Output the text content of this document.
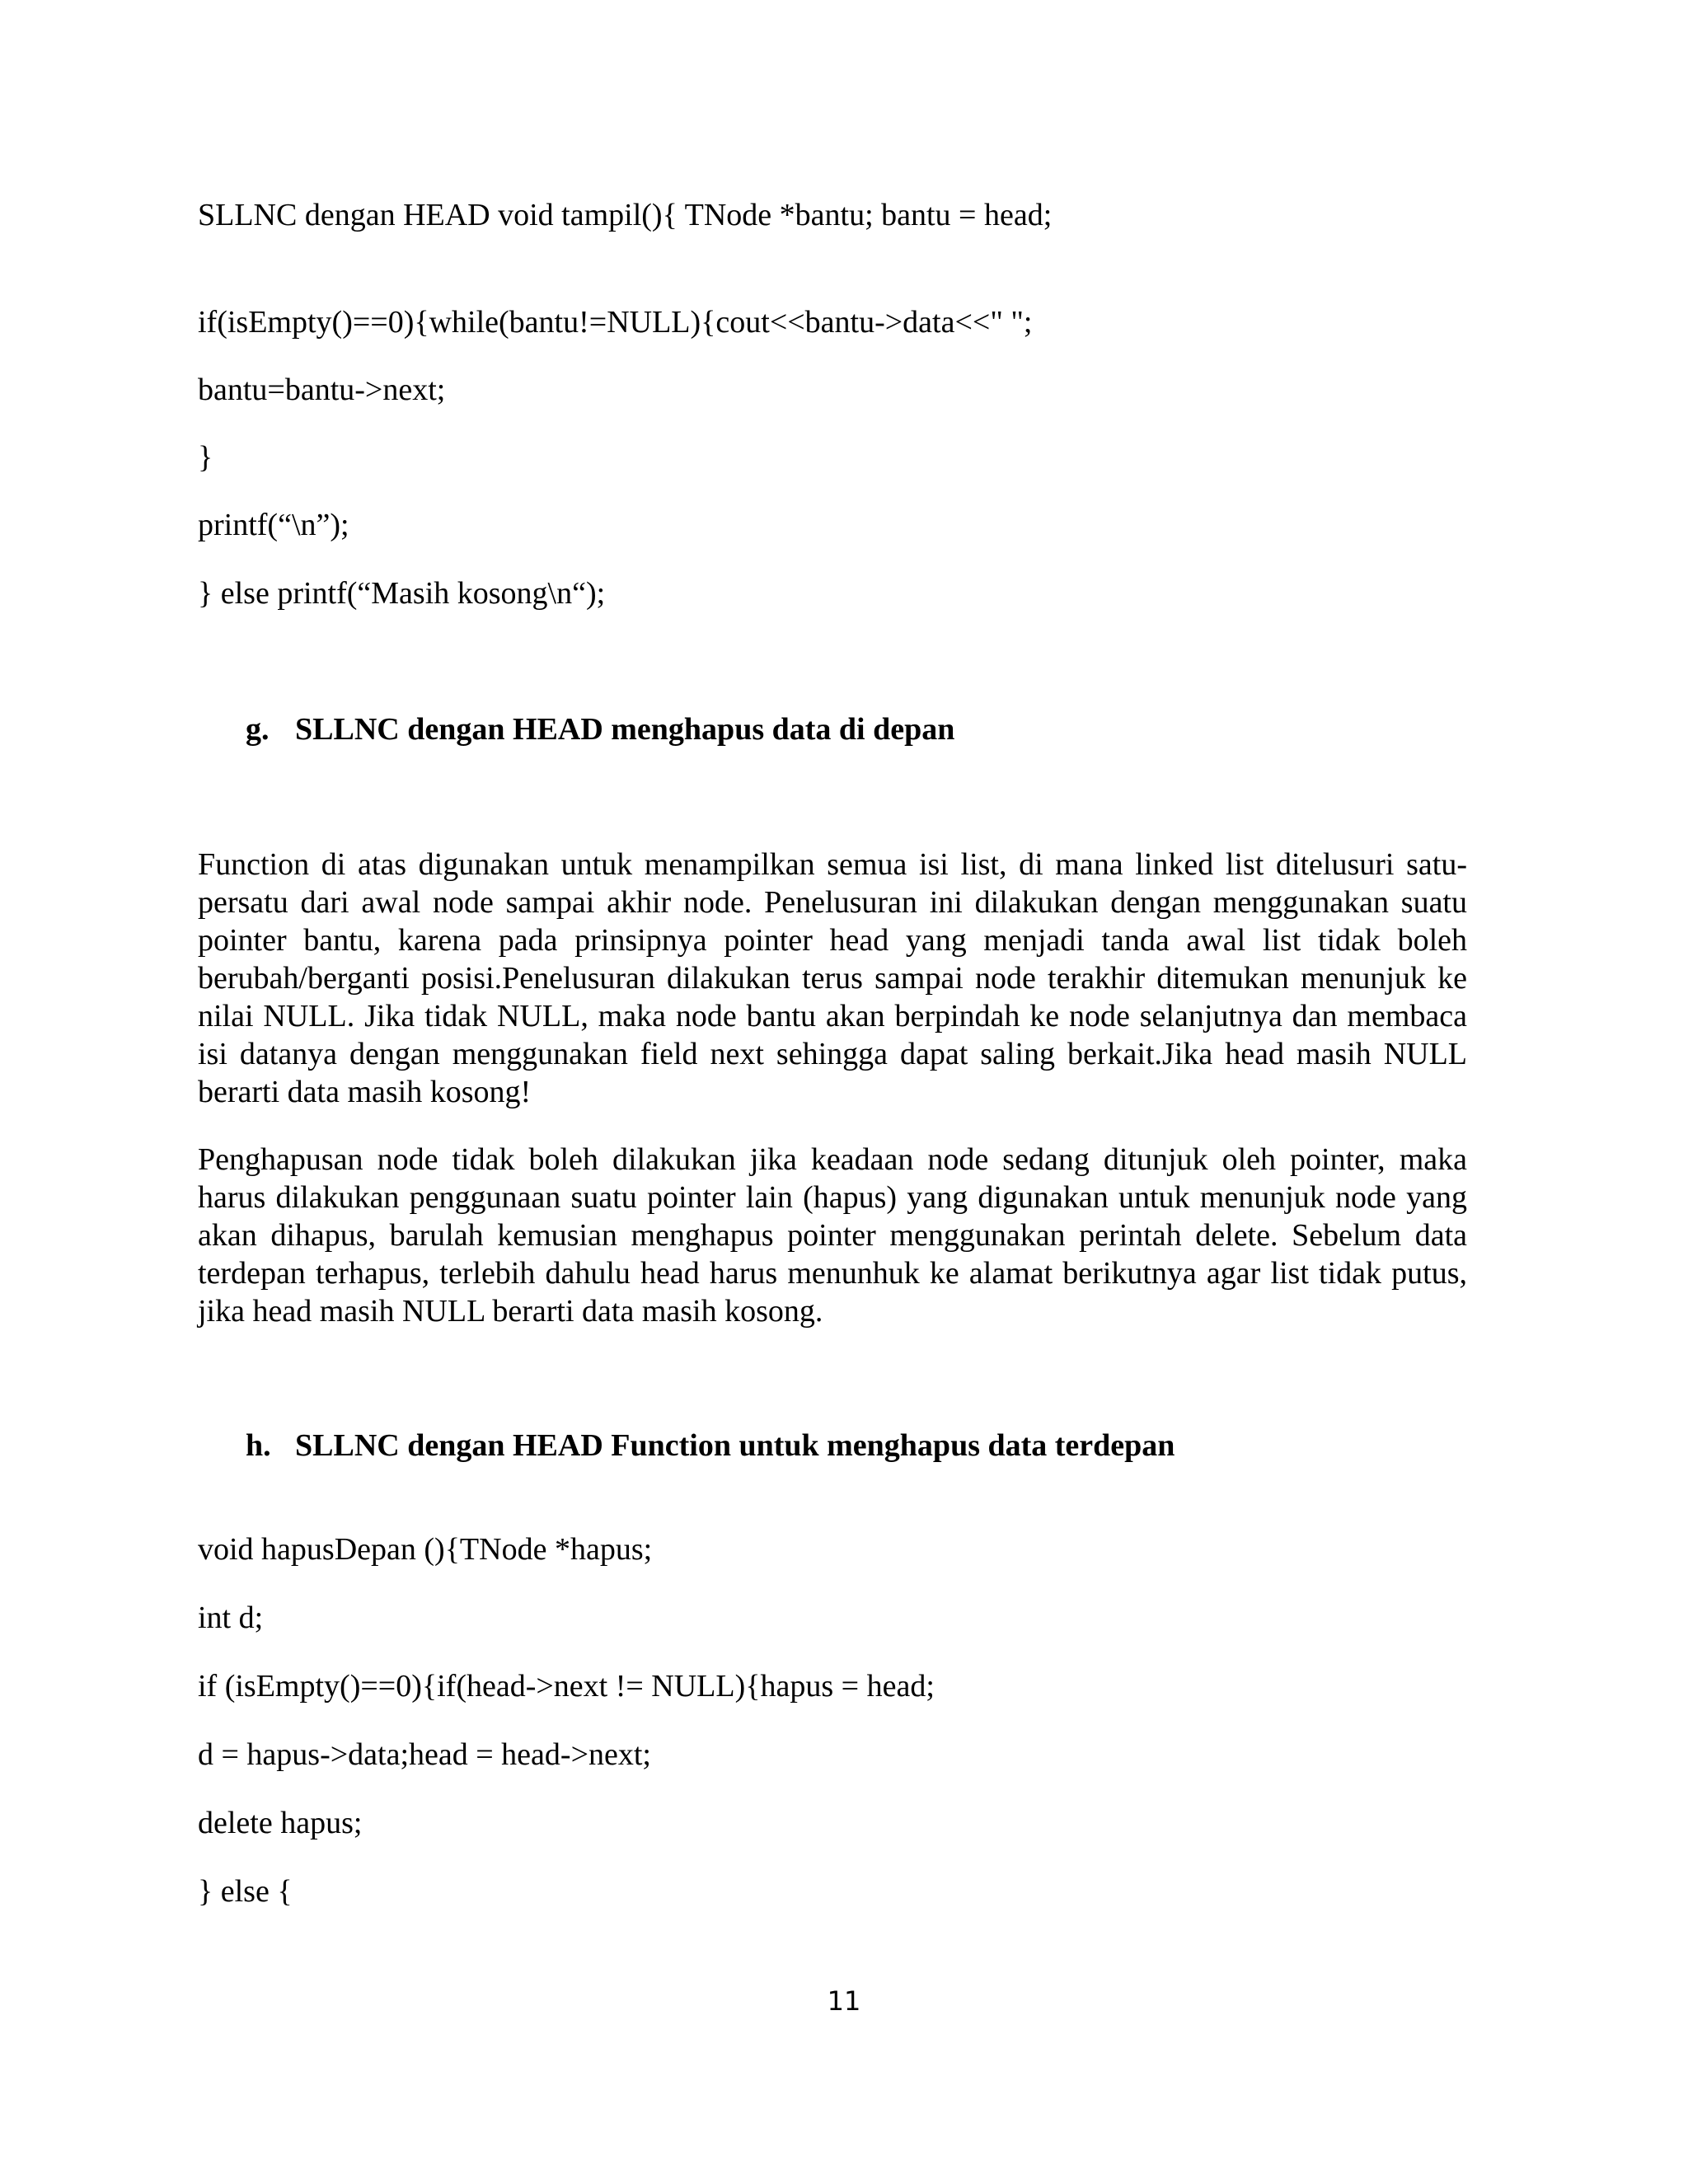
SLLNC dengan HEAD void tampil(){ TNode *bantu; bantu = head;
if(isEmpty()==0){while(bantu!=NULL){cout<<bantu->data<<" ";
bantu=bantu->next;
}
printf(“\n”);
} else printf(“Masih kosong\n“);
g. SLLNC dengan HEAD menghapus data di depan
Function di atas digunakan untuk menampilkan semua isi list, di mana linked list ditelusuri satu-persatu dari awal node sampai akhir node. Penelusuran ini dilakukan dengan menggunakan suatu pointer bantu, karena pada prinsipnya pointer head yang menjadi tanda awal list tidak boleh berubah/berganti posisi.Penelusuran dilakukan terus sampai node terakhir ditemukan menunjuk ke nilai NULL. Jika tidak NULL, maka node bantu akan berpindah ke node selanjutnya dan membaca isi datanya dengan menggunakan field next sehingga dapat saling berkait.Jika head masih NULL berarti data masih kosong!
Penghapusan node tidak boleh dilakukan jika keadaan node sedang ditunjuk oleh pointer, maka harus dilakukan penggunaan suatu pointer lain (hapus) yang digunakan untuk menunjuk node yang akan dihapus, barulah kemusian menghapus pointer menggunakan perintah delete. Sebelum data terdepan terhapus, terlebih dahulu head harus menunhuk ke alamat berikutnya agar list tidak putus, jika head masih NULL berarti data masih kosong.
h. SLLNC dengan HEAD Function untuk menghapus data terdepan
void hapusDepan (){TNode *hapus;
int d;
if (isEmpty()==0){if(head->next != NULL){hapus = head;
d = hapus->data;head = head->next;
delete hapus;
} else {
11
